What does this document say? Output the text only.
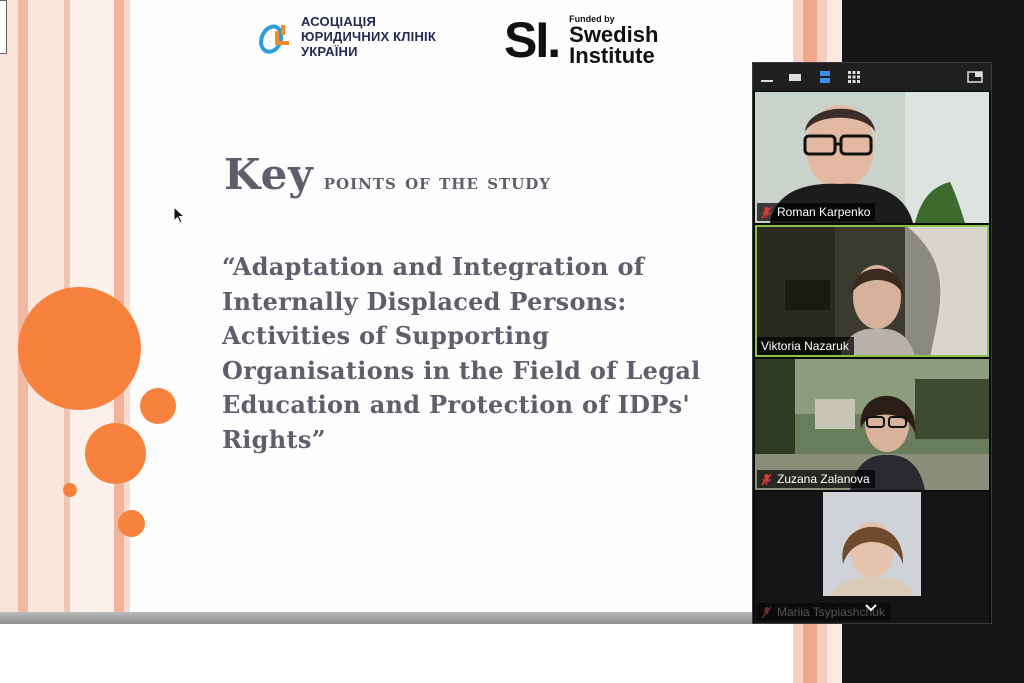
АСОЦІАЦІЯ
ЮРИДИЧНИХ КЛІНІК
УКРАЇНИ	SI. Funded by
Swedish
Institute
Key points of the study
“Adaptation and Integration of
Internally Displaced Persons:
Activities of Supporting
Organisations in the Field of Legal
Education and Protection of IDPs'
Rights”
Roman Karpenko
Viktoria Nazaruk
Zuzana Zalanova
Mariia Tsypiashchuk
